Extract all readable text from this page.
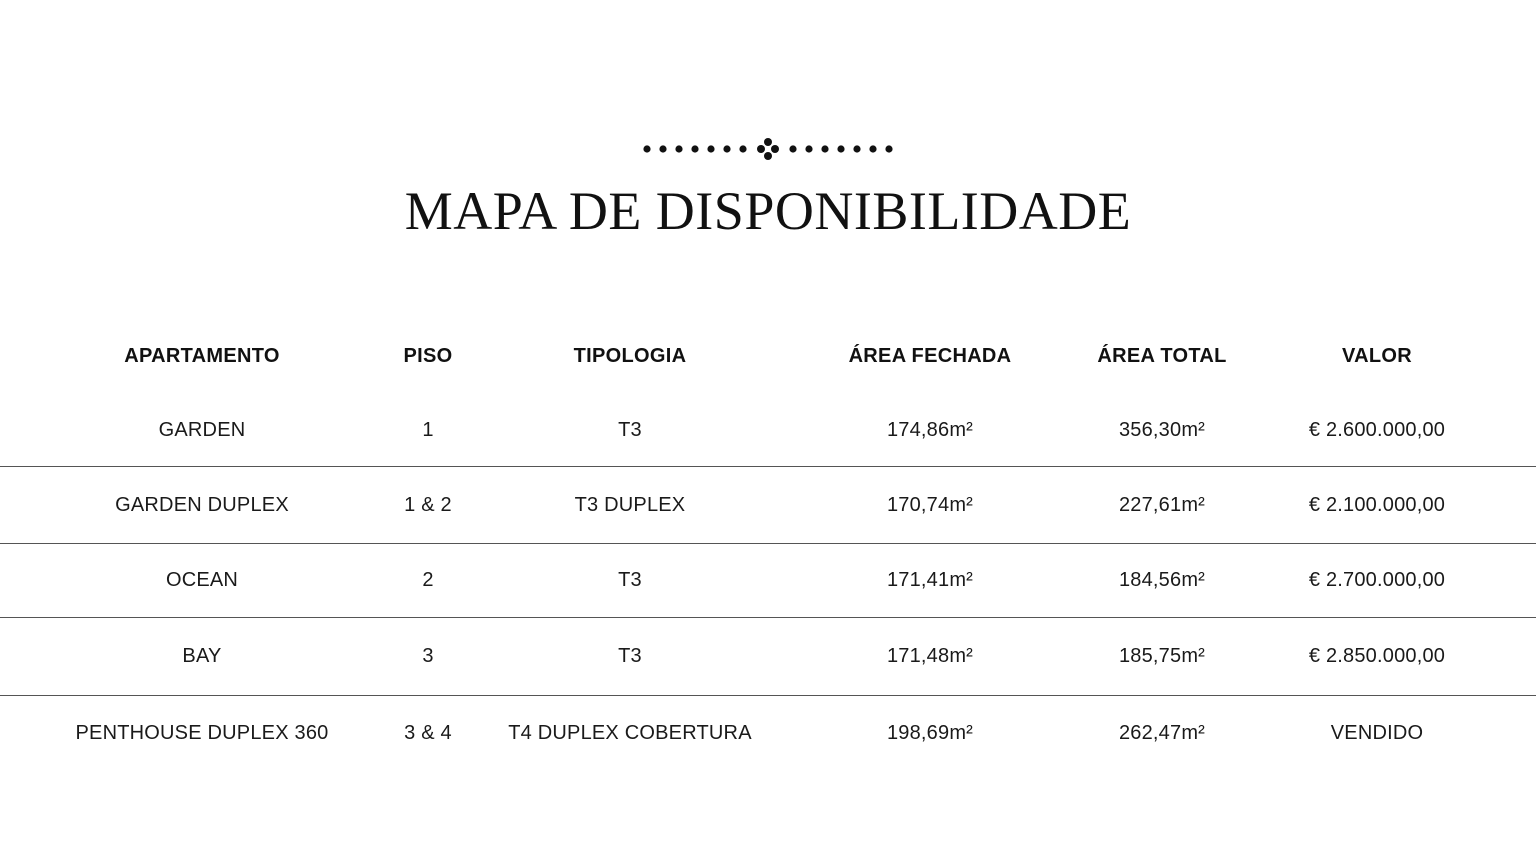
MAPA DE DISPONIBILIDADE
APARTAMENTO	PISO	TIPOLOGIA	ÁREA FECHADA	ÁREA TOTAL	VALOR
GARDEN	1	T3	174,86m²	356,30m²	€ 2.600.000,00
GARDEN DUPLEX	1 & 2	T3 DUPLEX	170,74m²	227,61m²	€ 2.100.000,00
OCEAN	2	T3	171,41m²	184,56m²	€ 2.700.000,00
BAY	3	T3	171,48m²	185,75m²	€ 2.850.000,00
PENTHOUSE DUPLEX 360	3 & 4	T4 DUPLEX COBERTURA	198,69m²	262,47m²	VENDIDO
